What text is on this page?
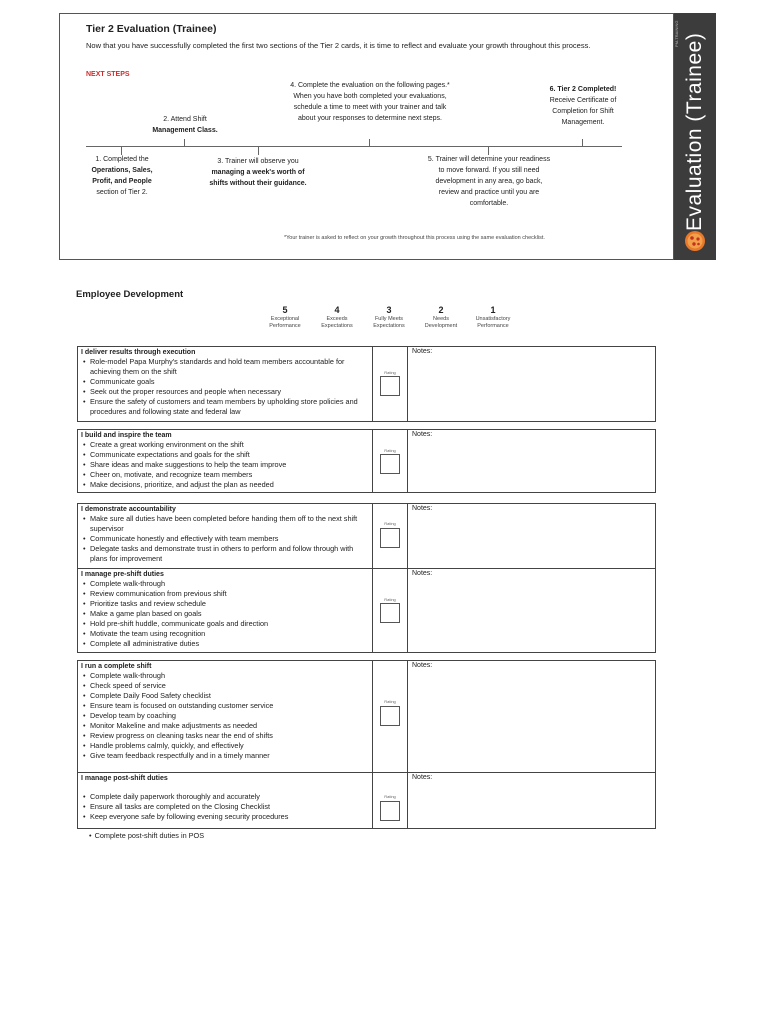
PM-TRAINING Evaluation (Trainee)
Tier 2 Evaluation (Trainee)
Now that you have successfully completed the first two sections of the Tier 2 cards, it is time to reflect and evaluate your growth throughout this process.
NEXT STEPS
1. Completed the
Operations, Sales,
Profit, and People
section of Tier 2.
2. Attend Shift
Management Class.
3. Trainer will observe you
managing a week's worth of
shifts without their guidance.
4. Complete the evaluation on the following pages.*
When you have both completed your evaluations,
schedule a time to meet with your trainer and talk
about your responses to determine next steps.
5. Trainer will determine your readiness
to move forward. If you still need
development in any area, go back,
review and practice until you are
comfortable.
6. Tier 2 Completed!
Receive Certificate of
Completion for Shift
Management.
*Your trainer is asked to reflect on your growth throughout this process using the same evaluation checklist.
Employee Development
5
Exceptional
Performance
4
Exceeds
Expectations
3
Fully Meets
Expectations
2
Needs
Development
1
Unsatisfactory
Performance
I deliver results through execution
• Role-model Papa Murphy's standards and hold team members accountable for achieving them on the shift
• Communicate goals
• Seek out the proper resources and people when necessary
• Ensure the safety of customers and team members by upholding store policies and procedures and following state and federal law
Rating
Notes:
I build and inspire the team
• Create a great working environment on the shift
• Communicate expectations and goals for the shift
• Share ideas and make suggestions to help the team improve
• Cheer on, motivate, and recognize team members
• Make decisions, prioritize, and adjust the plan as needed
Rating
Notes:
I demonstrate accountability
• Make sure all duties have been completed before handing them off to the next shift supervisor
• Communicate honestly and effectively with team members
• Delegate tasks and demonstrate trust in others to perform and follow through with plans for improvement
Rating
Notes:
I manage pre-shift duties
• Complete walk-through
• Review communication from previous shift
• Prioritize tasks and review schedule
• Make a game plan based on goals
• Hold pre-shift huddle, communicate goals and direction
• Motivate the team using recognition
• Complete all administrative duties
Rating
Notes:
I run a complete shift
• Complete walk-through
• Check speed of service
• Complete Daily Food Safety checklist
• Ensure team is focused on outstanding customer service
• Develop team by coaching
• Monitor Makeline and make adjustments as needed
• Review progress on cleaning tasks near the end of shifts
• Handle problems calmly, quickly, and effectively
• Give team feedback respectfully and in a timely manner
Rating
Notes:
I manage post-shift duties
• Complete daily paperwork thoroughly and accurately
• Ensure all tasks are completed on the Closing Checklist
• Keep everyone safe by following evening security procedures
Rating
Notes:
• Complete post-shift duties in POS
